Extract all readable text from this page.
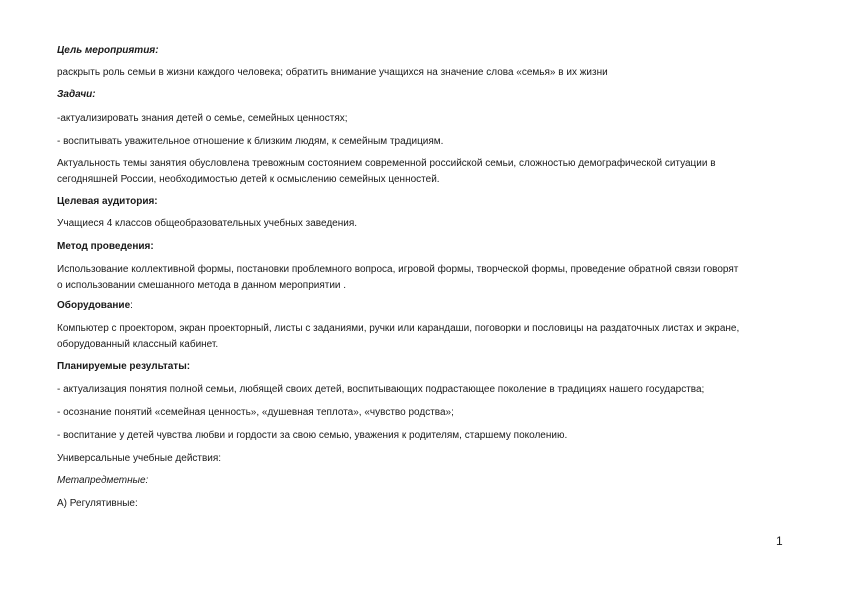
Цель мероприятия:
раскрыть роль семьи в жизни каждого человека; обратить внимание учащихся на значение слова «семья» в их жизни
Задачи:
-актуализировать знания детей о семье, семейных ценностях;
- воспитывать уважительное отношение к близким людям, к семейным традициям.
Актуальность темы занятия обусловлена тревожным состоянием современной российской семьи, сложностью демографической ситуации в
сегодняшней России, необходимостью детей к осмыслению семейных ценностей.
Целевая аудитория:
Учащиеся 4 классов общеобразовательных учебных заведения.
Метод проведения:
Использование коллективной формы, постановки проблемного вопроса, игровой формы, творческой формы, проведение обратной связи говорят
о использовании смешанного метода в данном мероприятии .
Оборудование:
Компьютер с проектором, экран проекторный, листы с заданиями, ручки или карандаши, поговорки и пословицы на раздаточных листах и экране,
оборудованный классный кабинет.
Планируемые результаты:
- актуализация понятия полной семьи, любящей своих детей, воспитывающих подрастающее поколение в традициях нашего государства;
- осознание понятий «семейная ценность», «душевная теплота», «чувство родства»;
- воспитание у детей чувства любви и гордости за свою семью, уважения к родителям, старшему поколению.
Универсальные учебные действия:
Метапредметные:
А) Регулятивные:
1
